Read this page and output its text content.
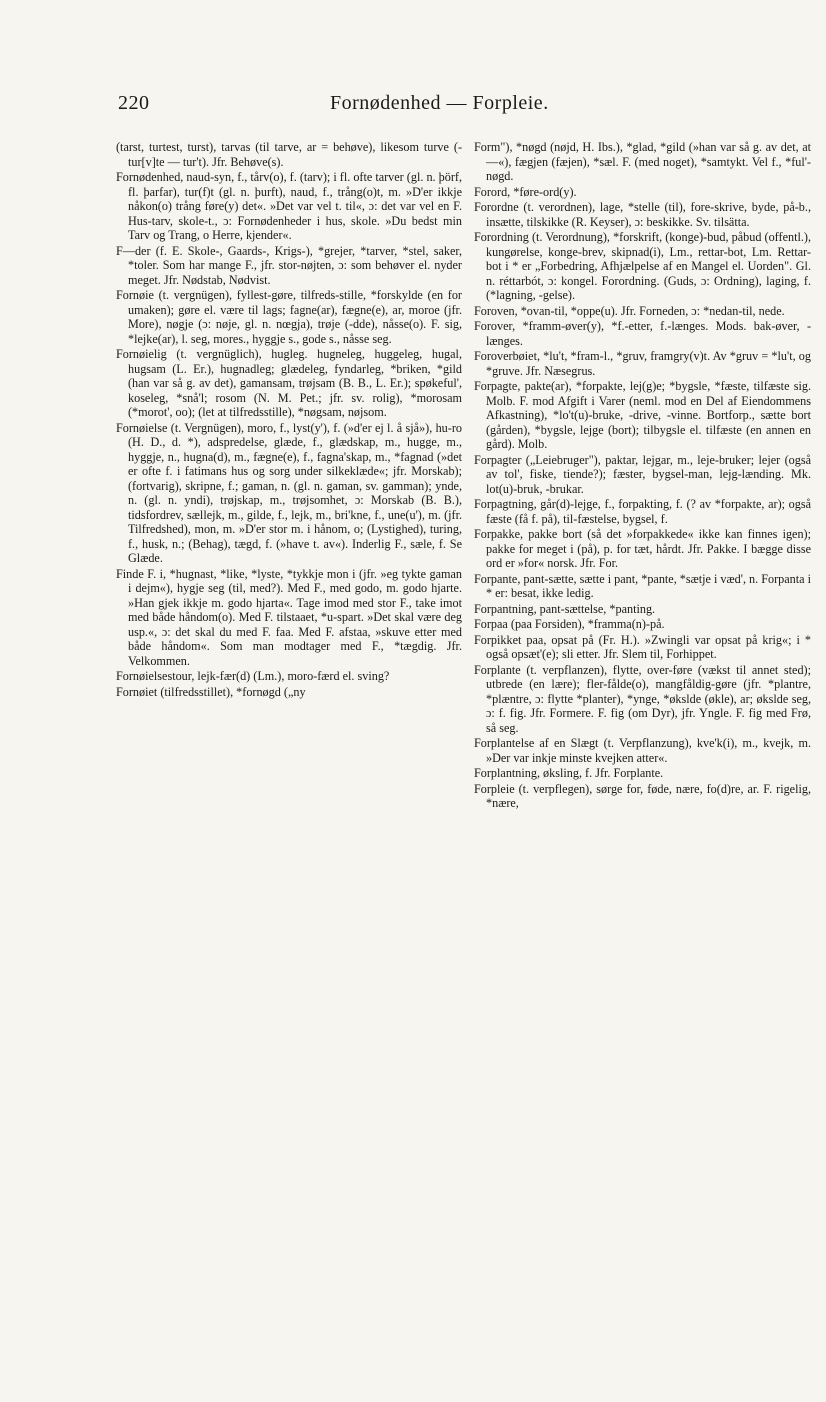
220	Fornødenhed — Forpleie.

(tarst, turtest, turst), tarvas (til tarve, ar = behøve), likesom turve (-tur[v]te — tur't). Jfr. Behøve(s).

Fornødenhed, naud-syn, f., tårv(o), f. (tarv); i fl. ofte tarver (gl. n. þörf, fl. þarfar), tur(f)t (gl. n. þurft), naud, f., trång(o)t, m. »D'er ikkje nåkon(o) trång føre(y) det«. »Det var vel t. til«, ɔ: det var vel en F. Hus-tarv, skole-t., ɔ: Fornødenheder i hus, skole. »Du bedst min Tarv og Trang, o Herre, kjender«.

F—der (f. E. Skole-, Gaards-, Krigs-), *grejer, *tarver, *stel, saker, *toler. Som har mange F., jfr. stor-nøjten, ɔ: som behøver el. nyder meget. Jfr. Nødstab, Nødvist.

Fornøie (t. vergnügen), fyllest-gøre, tilfreds-stille, *forskylde (en for umaken); gøre el. være til lags; fagne(ar), fægne(e), ar, moroe (jfr. More), nøgje (ɔ: nøje, gl. n. nœgja), trøje (-dde), nåsse(o). F. sig, *lejke(ar), l. seg, mores., hyggje s., gode s., nåsse seg.

Fornøielig (t. vergnüglich), hugleg. hugneleg, huggeleg, hugal, hugsam (L. Er.), hugnadleg; glædeleg, fyndarleg, *briken, *gild (han var så g. av det), gamansam, trøjsam (B. B., L. Er.); spøkeful', koseleg, *snå'l; rosom (N. M. Pet.; jfr. sv. rolig), *morosam (*morot', oo); (let at tilfredsstille), *nøgsam, nøjsom.

Fornøielse (t. Vergnügen), moro, f., lyst(y'), f. (»d'er ej l. å sjå»), hu-ro (H. D., d. *), adspredelse, glæde, f., glædskap, m., hugge, m., hyggje, n., hugna(d), m., fægne(e), f., fagna'skap, m., *fagnad (»det er ofte f. i fatimans hus og sorg under silkeklæde«; jfr. Morskab); (fortvarig), skripne, f.; gaman, n. (gl. n. gaman, sv. gamman); ynde, n. (gl. n. yndi), trøjskap, m., trøjsomhet, ɔ: Morskab (B. B.), tidsfordrev, sællejk, m., gilde, f., lejk, m., bri'kne, f., une(u'), m. (jfr. Tilfredshed), mon, m. »D'er stor m. i hånom, o; (Lystighed), turing, f., husk, n.; (Behag), tægd, f. (»have t. av«). Inderlig F., sæle, f. Se Glæde.

Finde F. i, *hugnast, *like, *lyste, *tykkje mon i (jfr. »eg tykte gaman i dejm«), hygje seg (til, med?). Med F., med godo, m. godo hjarte. »Han gjek ikkje m. godo hjarta«. Tage imod med stor F., take imot med både håndom(o). Med F. tilstaaet, *u-spart. »Det skal være deg usp.«, ɔ: det skal du med F. faa. Med F. afstaa, »skuve etter med både håndom«. Som man modtager med F., *tægdig. Jfr. Velkommen.

Fornøielsestour, lejk-fær(d) (Lm.), moro-færd el. sving?

Fornøiet (tilfredsstillet), *fornøgd („ny

Form"), *nøgd (nøjd, H. Ibs.), *glad, *gild (»han var så g. av det, at —«), fægjen (fæjen), *sæl. F. (med noget), *samtykt. Vel f., *ful'-nøgd.

Forord, *føre-ord(y).

Forordne (t. verordnen), lage, *stelle (til), fore-skrive, byde, på-b., insætte, tilskikke (R. Keyser), ɔ: beskikke. Sv. tilsätta.

Forordning (t. Verordnung), *forskrift, (konge)-bud, påbud (offentl.), kungørelse, konge-brev, skipnad(i), Lm., rettar-bot, Lm. Rettar-bot i * er „Forbedring, Afhjælpelse af en Mangel el. Uorden". Gl. n. réttarbót, ɔ: kongel. Forordning. (Guds, ɔ: Ordning), laging, f. (*lagning, -gelse).

Foroven, *ovan-til, *oppe(u). Jfr. Forneden, ɔ: *nedan-til, nede.

Forover, *framm-øver(y), *f.-etter, f.-længes. Mods. bak-øver, -længes.

Foroverbøiet, *lu't, *fram-l., *gruv, framgry(v)t. Av *gruv = *lu't, og *gruve. Jfr. Næsegrus.

Forpagte, pakte(ar), *forpakte, lej(g)e; *bygsle, *fæste, tilfæste sig. Molb. F. mod Afgift i Varer (neml. mod en Del af Eiendommens Afkastning), *lo't(u)-bruke, -drive, -vinne. Bortforp., sætte bort (gården), *bygsle, lejge (bort); tilbygsle el. tilfæste (en annen en gård). Molb.

Forpagter („Leiebruger"), paktar, lejgar, m., leje-bruker; lejer (også av tol', fiske, tiende?); fæster, bygsel-man, lejg-lænding. Mk. lot(u)-bruk, -brukar.

Forpagtning, går(d)-lejge, f., forpakting, f. (? av *forpakte, ar); også fæste (få f. på), til-fæstelse, bygsel, f.

Forpakke, pakke bort (så det »forpakkede« ikke kan finnes igen); pakke for meget i (på), p. for tæt, hårdt. Jfr. Pakke. I bægge disse ord er »for« norsk. Jfr. For.

Forpante, pant-sætte, sætte i pant, *pante, *sætje i væd', n. Forpanta i * er: besat, ikke ledig.

Forpantning, pant-sættelse, *panting.

Forpaa (paa Forsiden), *framma(n)-på.

Forpikket paa, opsat på (Fr. H.). »Zwingli var opsat på krig«; i * også opsæt'(e); sli etter. Jfr. Slem til, Forhippet.

Forplante (t. verpflanzen), flytte, over-føre (vækst til annet sted); utbrede (en lære); fler-fålde(o), mangfåldig-gøre (jfr. *plantre, *plæntre, ɔ: flytte *planter), *ynge, *økslde (økle), ar; økslde seg, ɔ: f. fig. Jfr. Formere. F. fig (om Dyr), jfr. Yngle. F. fig med Frø, så seg.

Forplantelse af en Slægt (t. Verpflanzung), kve'k(i), m., kvejk, m. »Der var inkje minste kvejken atter«.

Forplantning, øksling, f. Jfr. Forplante.

Forpleie (t. verpflegen), sørge for, føde, nære, fo(d)re, ar. F. rigelig, *nære,
